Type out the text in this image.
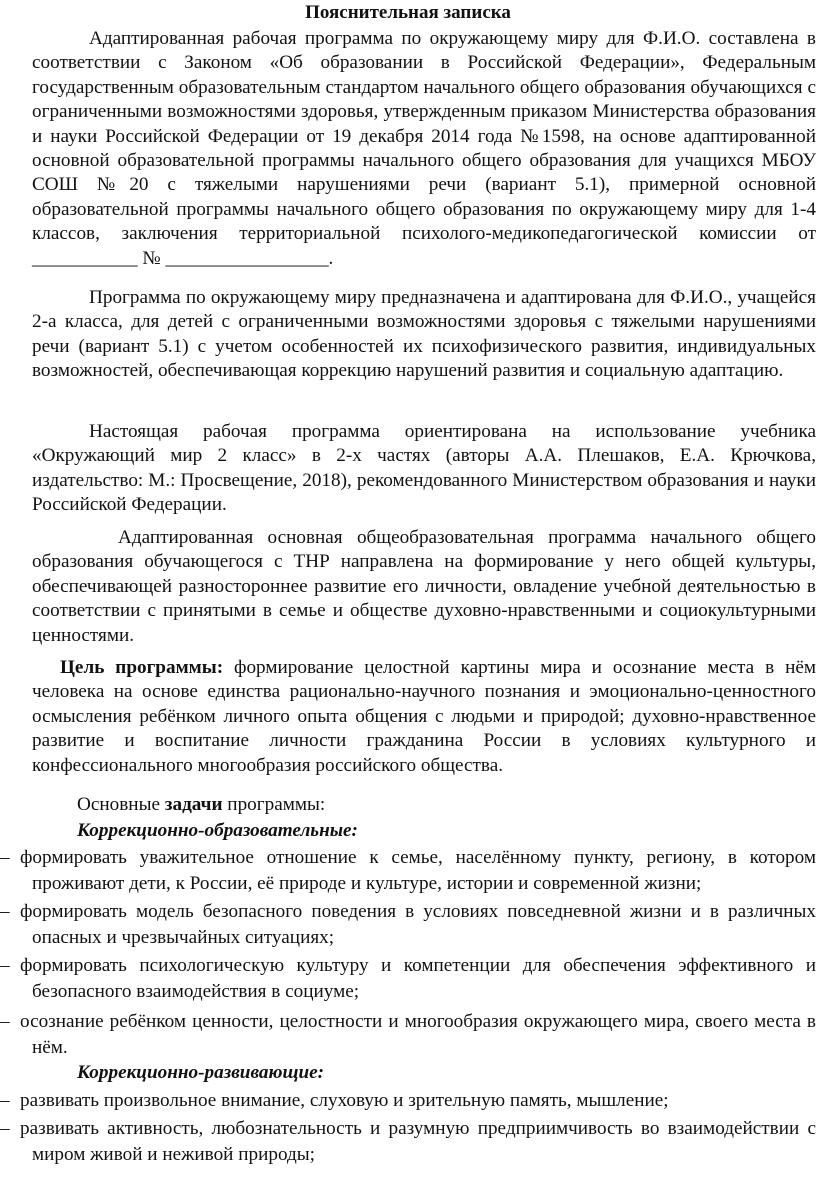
Пояснительная записка
Адаптированная рабочая программа по окружающему миру для Ф.И.О. составлена в соответствии с Законом «Об образовании в Российской Федерации», Федеральным государственным образовательным стандартом начального общего образования обучающихся с ограниченными возможностями здоровья, утвержденным приказом Министерства образования и науки Российской Федерации от 19 декабря 2014 года №1598, на основе адаптированной основной образовательной программы начального общего образования для учащихся МБОУ СОШ №20 с тяжелыми нарушениями речи (вариант 5.1), примерной основной образовательной программы начального общего образования по окружающему миру для 1-4 классов, заключения территориальной психолого-медикопедагогической комиссии от ___________ № _________________.
Программа по окружающему миру предназначена и адаптирована для Ф.И.О., учащейся 2-а класса, для детей с ограниченными возможностями здоровья с тяжелыми нарушениями речи (вариант 5.1) с учетом особенностей их психофизического развития, индивидуальных возможностей, обеспечивающая коррекцию нарушений развития и социальную адаптацию.
Настоящая рабочая программа ориентирована на использование учебника «Окружающий мир 2 класс» в 2-х частях (авторы А.А. Плешаков, Е.А. Крючкова, издательство: М.: Просвещение, 2018), рекомендованного Министерством образования и науки Российской Федерации.
Адаптированная основная общеобразовательная программа начального общего образования обучающегося с ТНР направлена на формирование у него общей культуры, обеспечивающей разностороннее развитие его личности, овладение учебной деятельностью в соответствии с принятыми в семье и обществе духовно-нравственными и социокультурными ценностями.
Цель программы: формирование целостной картины мира и осознание места в нём человека на основе единства рационально-научного познания и эмоционально-ценностного осмысления ребёнком личного опыта общения с людьми и природой; духовно-нравственное развитие и воспитание личности гражданина России в условиях культурного и конфессионального многообразия российского общества.
Основные задачи программы:
Коррекционно-образовательные:
– формировать уважительное отношение к семье, населённому пункту, региону, в котором проживают дети, к России, её природе и культуре, истории и современной жизни;
– формировать модель безопасного поведения в условиях повседневной жизни и в различных опасных и чрезвычайных ситуациях;
– формировать психологическую культуру и компетенции для обеспечения эффективного и безопасного взаимодействия в социуме;
– осознание ребёнком ценности, целостности и многообразия окружающего мира, своего места в нём.
Коррекционно-развивающие:
– развивать произвольное внимание, слуховую и зрительную память, мышление;
– развивать активность, любознательность и разумную предприимчивость во взаимодействии с миром живой и неживой природы;
